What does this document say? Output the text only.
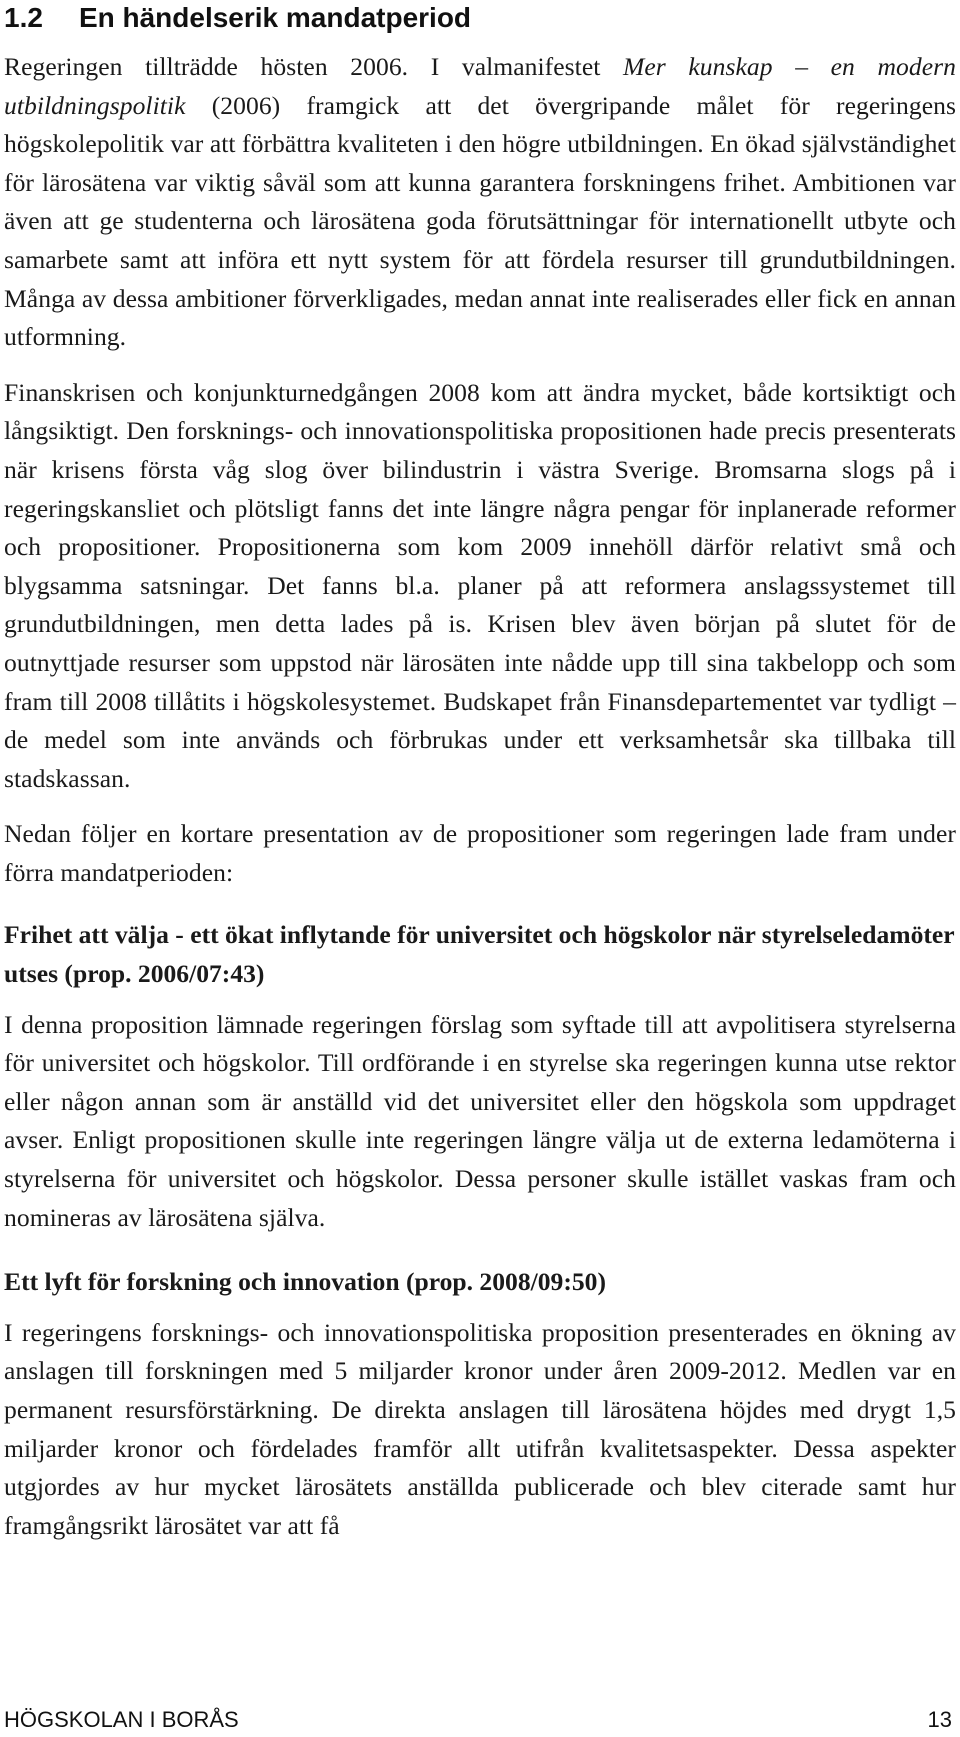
1.2 En händelserik mandatperiod

Regeringen tillträdde hösten 2006. I valmanifestet Mer kunskap – en modern utbildningspolitik (2006) framgick att det övergripande målet för regeringens högskolepolitik var att förbättra kvaliteten i den högre utbildningen. En ökad självständighet för lärosätena var viktig såväl som att kunna garantera forskningens frihet. Ambitionen var även att ge studenterna och lärosätena goda förutsättningar för internationellt utbyte och samarbete samt att införa ett nytt system för att fördela resurser till grundutbildningen. Många av dessa ambitioner förverkligades, medan annat inte realiserades eller fick en annan utformning.

Finanskrisen och konjunkturnedgången 2008 kom att ändra mycket, både kortsiktigt och långsiktigt. Den forsknings- och innovationspolitiska propositionen hade precis presenterats när krisens första våg slog över bilindustrin i västra Sverige. Bromsarna slogs på i regeringskansliet och plötsligt fanns det inte längre några pengar för inplanerade reformer och propositioner. Propositionerna som kom 2009 innehöll därför relativt små och blygsamma satsningar. Det fanns bl.a. planer på att reformera anslagssystemet till grundutbildningen, men detta lades på is. Krisen blev även början på slutet för de outnyttjade resurser som uppstod när lärosäten inte nådde upp till sina takbelopp och som fram till 2008 tillåtits i högskolesystemet. Budskapet från Finansdepartementet var tydligt – de medel som inte används och förbrukas under ett verksamhetsår ska tillbaka till stadskassan.

Nedan följer en kortare presentation av de propositioner som regeringen lade fram under förra mandatperioden:

Frihet att välja - ett ökat inflytande för universitet och högskolor när styrelseledamöter utses (prop. 2006/07:43)

I denna proposition lämnade regeringen förslag som syftade till att avpolitisera styrelserna för universitet och högskolor. Till ordförande i en styrelse ska regeringen kunna utse rektor eller någon annan som är anställd vid det universitet eller den högskola som uppdraget avser. Enligt propositionen skulle inte regeringen längre välja ut de externa ledamöterna i styrelserna för universitet och högskolor. Dessa personer skulle istället vaskas fram och nomineras av lärosätena själva.

Ett lyft för forskning och innovation (prop. 2008/09:50)

I regeringens forsknings- och innovationspolitiska proposition presenterades en ökning av anslagen till forskningen med 5 miljarder kronor under åren 2009-2012. Medlen var en permanent resursförstärkning. De direkta anslagen till lärosätena höjdes med drygt 1,5 miljarder kronor och fördelades framför allt utifrån kvalitetsaspekter. Dessa aspekter utgjordes av hur mycket lärosätets anställda publicerade och blev citerade samt hur framgångsrikt lärosätet var att få

HÖGSKOLAN I BORÅS	13
